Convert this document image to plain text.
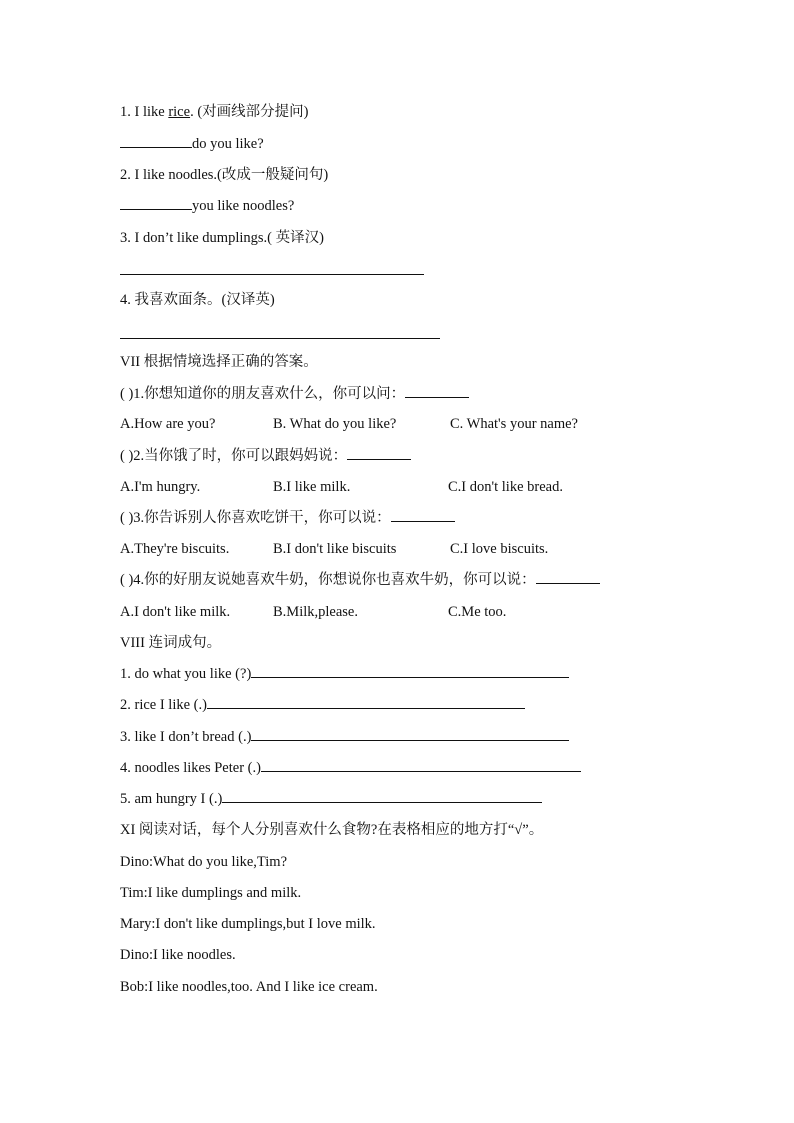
1. I like rice. (对画线部分提问)
do you like?
2. I like noodles.(改成一般疑问句)
you like noodles?
3. I don’t like dumplings.( 英译汉)
4. 我喜欢面条。(汉译英)
VII 根据情境选择正确的答案。
( )1.你想知道你的朋友喜欢什么，你可以问：
A.How are you?	B. What do you like?	C. What's your name?
( )2.当你饿了时，你可以跟妈妈说：
A.I'm hungry.	B.I like milk.	C.I don't like bread.
( )3.你告诉别人你喜欢吃饼干，你可以说：
A.They're biscuits.	B.I don't like biscuits	C.I love biscuits.
( )4.你的好朋友说她喜欢牛奶，你想说你也喜欢牛奶，你可以说：
A.I don't like milk.	B.Milk,please.	C.Me too.
VIII 连词成句。
1. do what you like (?)
2. rice I like (.)
3. like I don’t bread (.)
4. noodles likes Peter (.)
5. am hungry I (.)
XI 阅读对话，每个人分别喜欢什么食物?在表格相应的地方打“√”。
Dino:What do you like,Tim?
Tim:I like dumplings and milk.
Mary:I don't like dumplings,but I love milk.
Dino:I like noodles.
Bob:I like noodles,too. And I like ice cream.
